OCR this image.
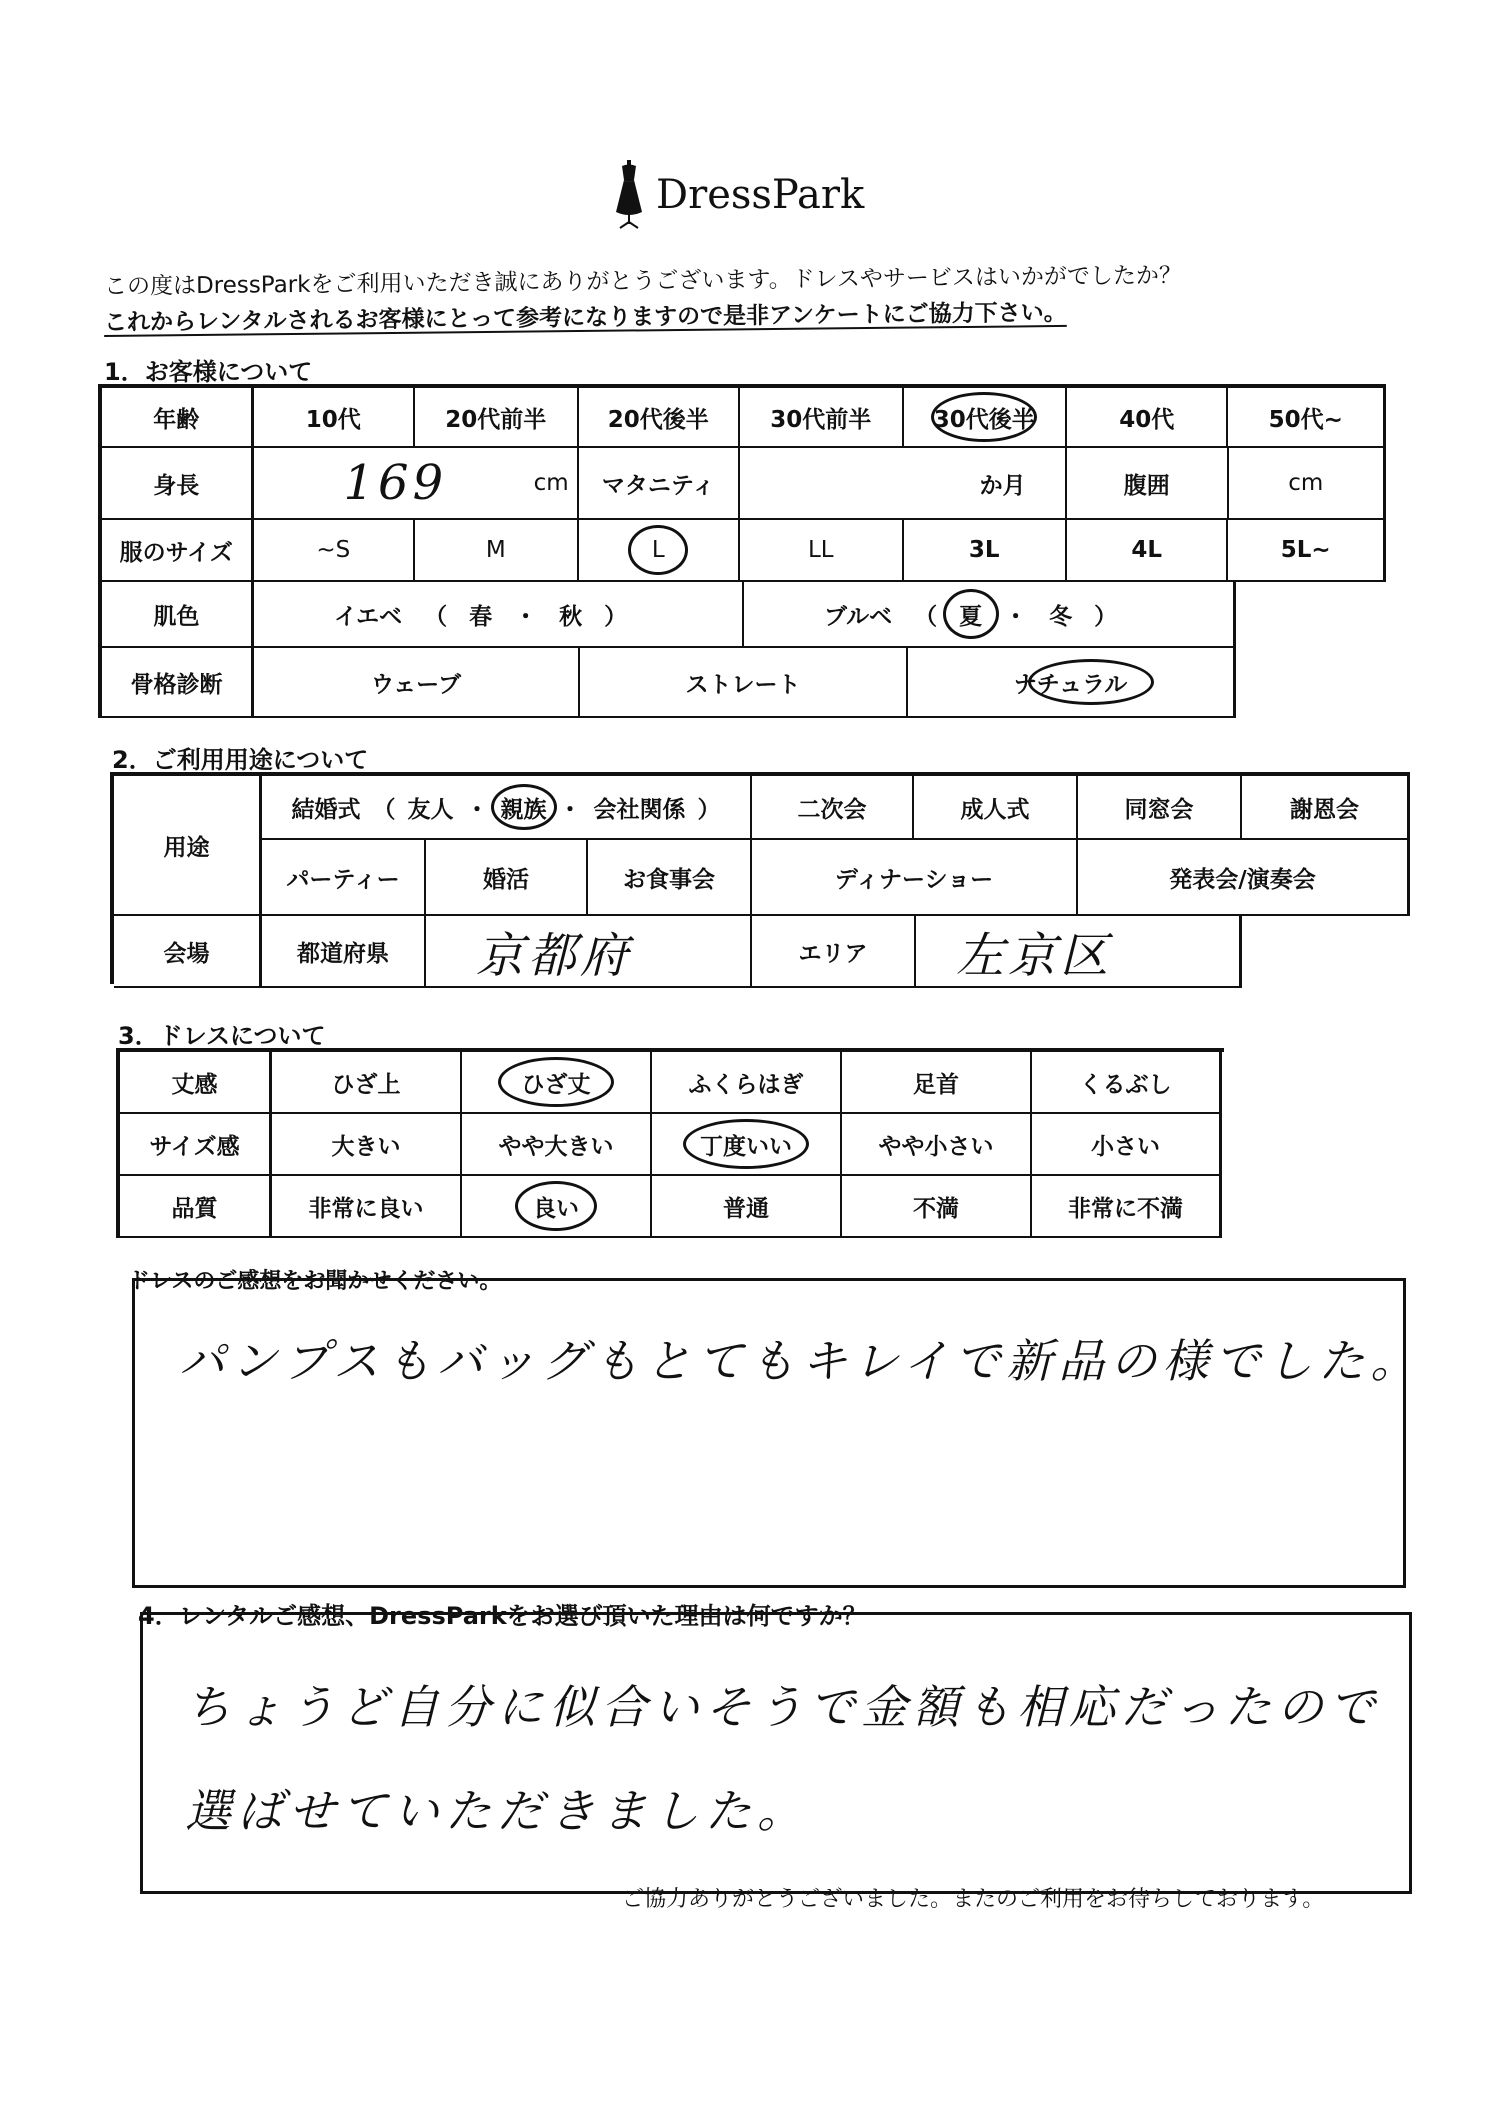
DressPark
この度はDressParkをご利用いただき誠にありがとうございます。ドレスやサービスはいかがでしたか？
これからレンタルされるお客様にとって参考になりますので是非アンケートにご協力下さい。
1．お客様について
年齢	10代	20代前半	20代後半	30代前半	30代後半	40代	50代~
身長	169	cm	マタニティ	か月	腹囲	cm
服のサイズ	~S	M	L	LL	3L	4L	5L~
肌色	イエベ （ 春 ・ 秋 ）	ブルベ （ 夏 ・ 冬 ）
骨格診断	ウェーブ	ストレート	ナチュラル
2．ご利用用途について
用途
結婚式 （ 友人 ・ 親族 ・ 会社関係 ）	二次会	成人式	同窓会	謝恩会
パーティー	婚活	お食事会	ディナーショー	発表会/演奏会
会場	都道府県	京都府	エリア	左京区
3．ドレスについて
丈感	ひざ上	ひざ丈	ふくらはぎ	足首	くるぶし
サイズ感	大きい	やや大きい	丁度いい	やや小さい	小さい
品質	非常に良い	良い	普通	不満	非常に不満
ドレスのご感想をお聞かせください。
パンプスもバッグもとてもキレイで新品の様でした。
4．レンタルご感想、DressParkをお選び頂いた理由は何ですか？
ちょうど自分に似合いそうで金額も相応だったので
選ばせていただきました。
ご協力ありがとうございました。またのご利用をお待ちしております。
